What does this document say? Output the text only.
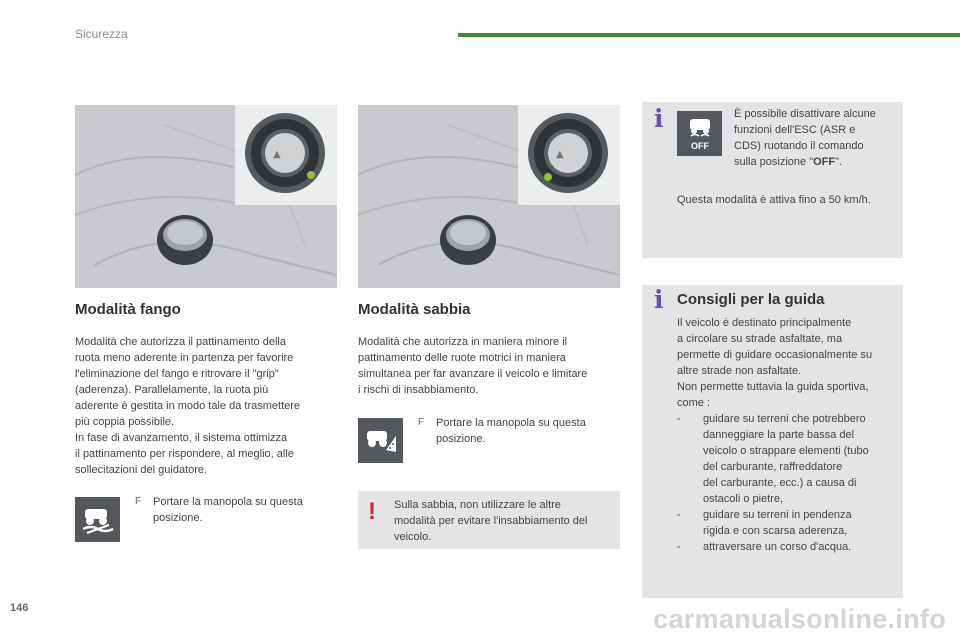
Sicurezza
▲	▲
Modalità fango

Modalità che autorizza il pattinamento della

ruota meno aderente in partenza per favorire

l'eliminazione del fango e ritrovare il "grip"

(aderenza). Parallelamente, la ruota più

aderente è gestita in modo tale da trasmettere

più coppia possibile.

In fase di avanzamento, il sistema ottimizza

il pattinamento per rispondere, al meglio, alle

sollecitazioni del guidatore.

F	Portare la manopola su questa

posizione.

Modalità sabbia

Modalità che autorizza in maniera minore il

pattinamento delle ruote motrici in maniera

simultanea per far avanzare il veicolo e limitare

i rischi di insabbiamento.

F	Portare la manopola su questa

posizione.

! Sulla sabbia, non utilizzare le altre

modalità per evitare l'insabbiamento del

veicolo.

i
OFF

È possibile disattivare alcune

funzioni dell'ESC (ASR e

CDS) ruotando il comando

sulla posizione "OFF".

Questa modalità è attiva fino a 50 km/h.
i Consigli per la guida

Il veicolo è destinato principalmente

a circolare su strade asfaltate, ma

permette di guidare occasionalmente su

altre strade non asfaltate.

Non permette tuttavia la guida sportiva,

come :

-	guidare su terreni che potrebbero

danneggiare la parte bassa del

veicolo o strappare elementi (tubo

del carburante, raffreddatore

del carburante, ecc.) a causa di

ostacoli o pietre,

-	guidare su terreni in pendenza

rigida e con scarsa aderenza,

-	attraversare un corso d'acqua.

146	carmanualsonline.info
